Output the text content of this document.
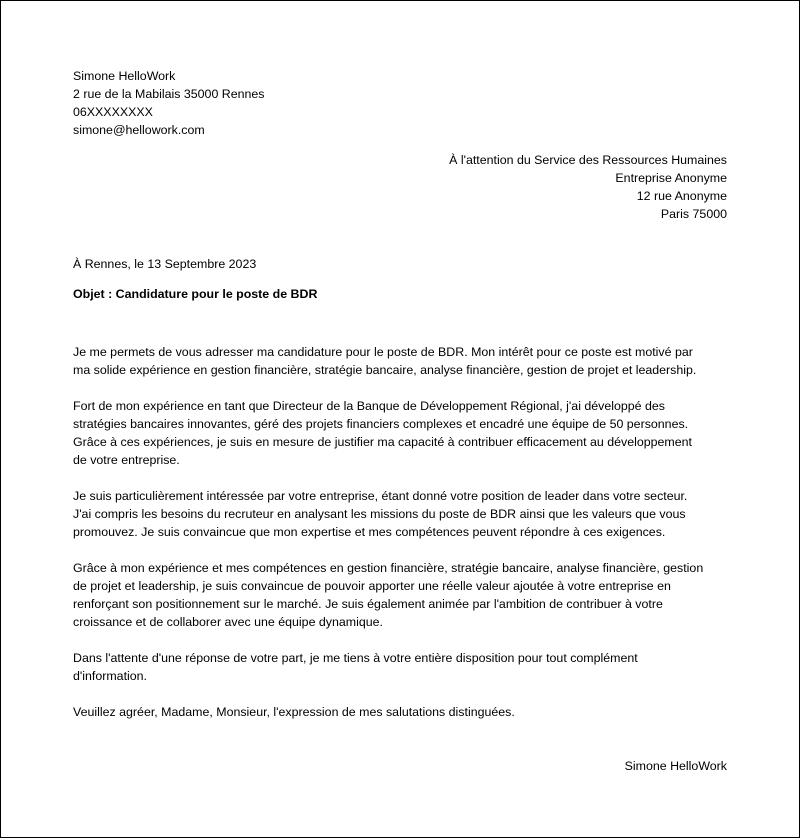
Simone HelloWork
2 rue de la Mabilais 35000 Rennes
06XXXXXXXX
simone@hellowork.com
À l'attention du Service des Ressources Humaines
Entreprise Anonyme
12 rue Anonyme
Paris 75000
À Rennes, le 13 Septembre 2023
Objet : Candidature pour le poste de BDR
Je me permets de vous adresser ma candidature pour le poste de BDR. Mon intérêt pour ce poste est motivé par
ma solide expérience en gestion financière, stratégie bancaire, analyse financière, gestion de projet et leadership.
Fort de mon expérience en tant que Directeur de la Banque de Développement Régional, j'ai développé des
stratégies bancaires innovantes, géré des projets financiers complexes et encadré une équipe de 50 personnes.
Grâce à ces expériences, je suis en mesure de justifier ma capacité à contribuer efficacement au développement
de votre entreprise.
Je suis particulièrement intéressée par votre entreprise, étant donné votre position de leader dans votre secteur.
J'ai compris les besoins du recruteur en analysant les missions du poste de BDR ainsi que les valeurs que vous
promouvez. Je suis convaincue que mon expertise et mes compétences peuvent répondre à ces exigences.
Grâce à mon expérience et mes compétences en gestion financière, stratégie bancaire, analyse financière, gestion
de projet et leadership, je suis convaincue de pouvoir apporter une réelle valeur ajoutée à votre entreprise en
renforçant son positionnement sur le marché. Je suis également animée par l'ambition de contribuer à votre
croissance et de collaborer avec une équipe dynamique.
Dans l'attente d'une réponse de votre part, je me tiens à votre entière disposition pour tout complément
d'information.
Veuillez agréer, Madame, Monsieur, l'expression de mes salutations distinguées.
Simone HelloWork
